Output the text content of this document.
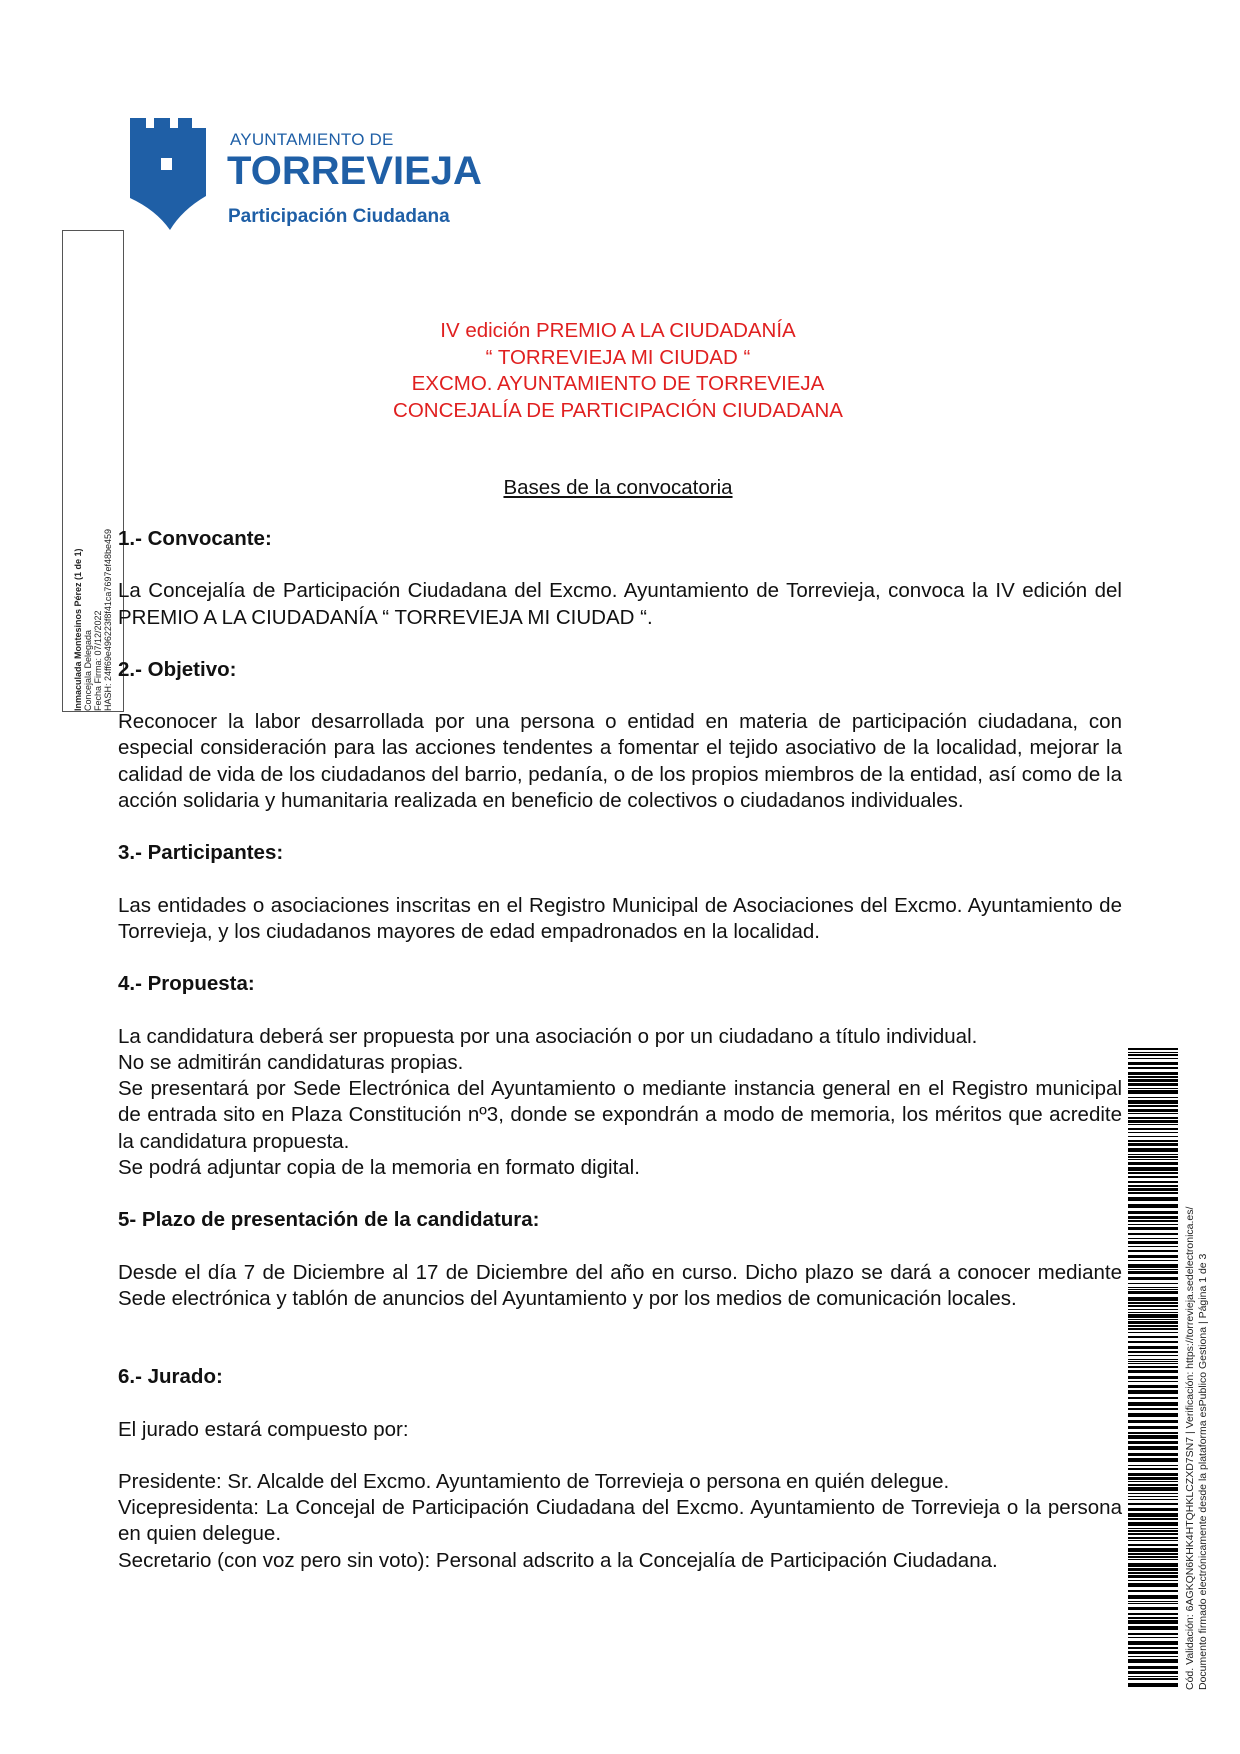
AYUNTAMIENTO DE
TORREVIEJA
Participación Ciudadana
Inmaculada Montesinos Pérez (1 de 1) Concejala Delegada Fecha Firma: 07/12/2022 HASH: 24ff69e496223f8f41ca7697ef48be459
IV edición PREMIO A LA CIUDADANÍA
“ TORREVIEJA MI CIUDAD “
EXCMO. AYUNTAMIENTO DE TORREVIEJA
CONCEJALÍA DE PARTICIPACIÓN CIUDADANA
Bases de la convocatoria
1.- Convocante:

La Concejalía de Participación Ciudadana del Excmo. Ayuntamiento de Torrevieja, convoca la IV edición del PREMIO A LA CIUDADANÍA “ TORREVIEJA MI CIUDAD “.

2.- Objetivo:

Reconocer la labor desarrollada por una persona o entidad en materia de participación ciudadana, con especial consideración para las acciones tendentes a fomentar el tejido asociativo de la localidad, mejorar la calidad de vida de los ciudadanos del barrio, pedanía, o de los propios miembros de la entidad, así como de la acción solidaria y humanitaria realizada en beneficio de colectivos o ciudadanos individuales.

3.- Participantes:

Las entidades o asociaciones inscritas en el Registro Municipal de Asociaciones del Excmo. Ayuntamiento de Torrevieja, y los ciudadanos mayores de edad empadronados en la localidad.

4.- Propuesta:

La candidatura deberá ser propuesta por una asociación o por un ciudadano a título individual.
No se admitirán candidaturas propias.
Se presentará por Sede Electrónica del Ayuntamiento o mediante instancia general en el Registro municipal de entrada sito en Plaza Constitución nº3, donde se expondrán a modo de memoria, los méritos que acredite la candidatura propuesta.
Se podrá adjuntar copia de la memoria en formato digital.

5- Plazo de presentación de la candidatura:

Desde el día 7 de Diciembre al 17 de Diciembre del año en curso. Dicho plazo se dará a conocer mediante Sede electrónica y tablón de anuncios del Ayuntamiento y por los medios de comunicación locales.

6.- Jurado:

El jurado estará compuesto por:

Presidente: Sr. Alcalde del Excmo. Ayuntamiento de Torrevieja o persona en quién delegue.
Vicepresidenta: La Concejal de Participación Ciudadana del Excmo. Ayuntamiento de Torrevieja o la persona en quien delegue.
Secretario (con voz pero sin voto): Personal adscrito a la Concejalía de Participación Ciudadana.	Cód. Validación: 6AGKQN6KHK4HTQHKLCZXD7SN7 | Verificación: https://torrevieja.sedelectronica.es/ Documento firmado electrónicamente desde la plataforma esPublico Gestiona | Página 1 de 3
